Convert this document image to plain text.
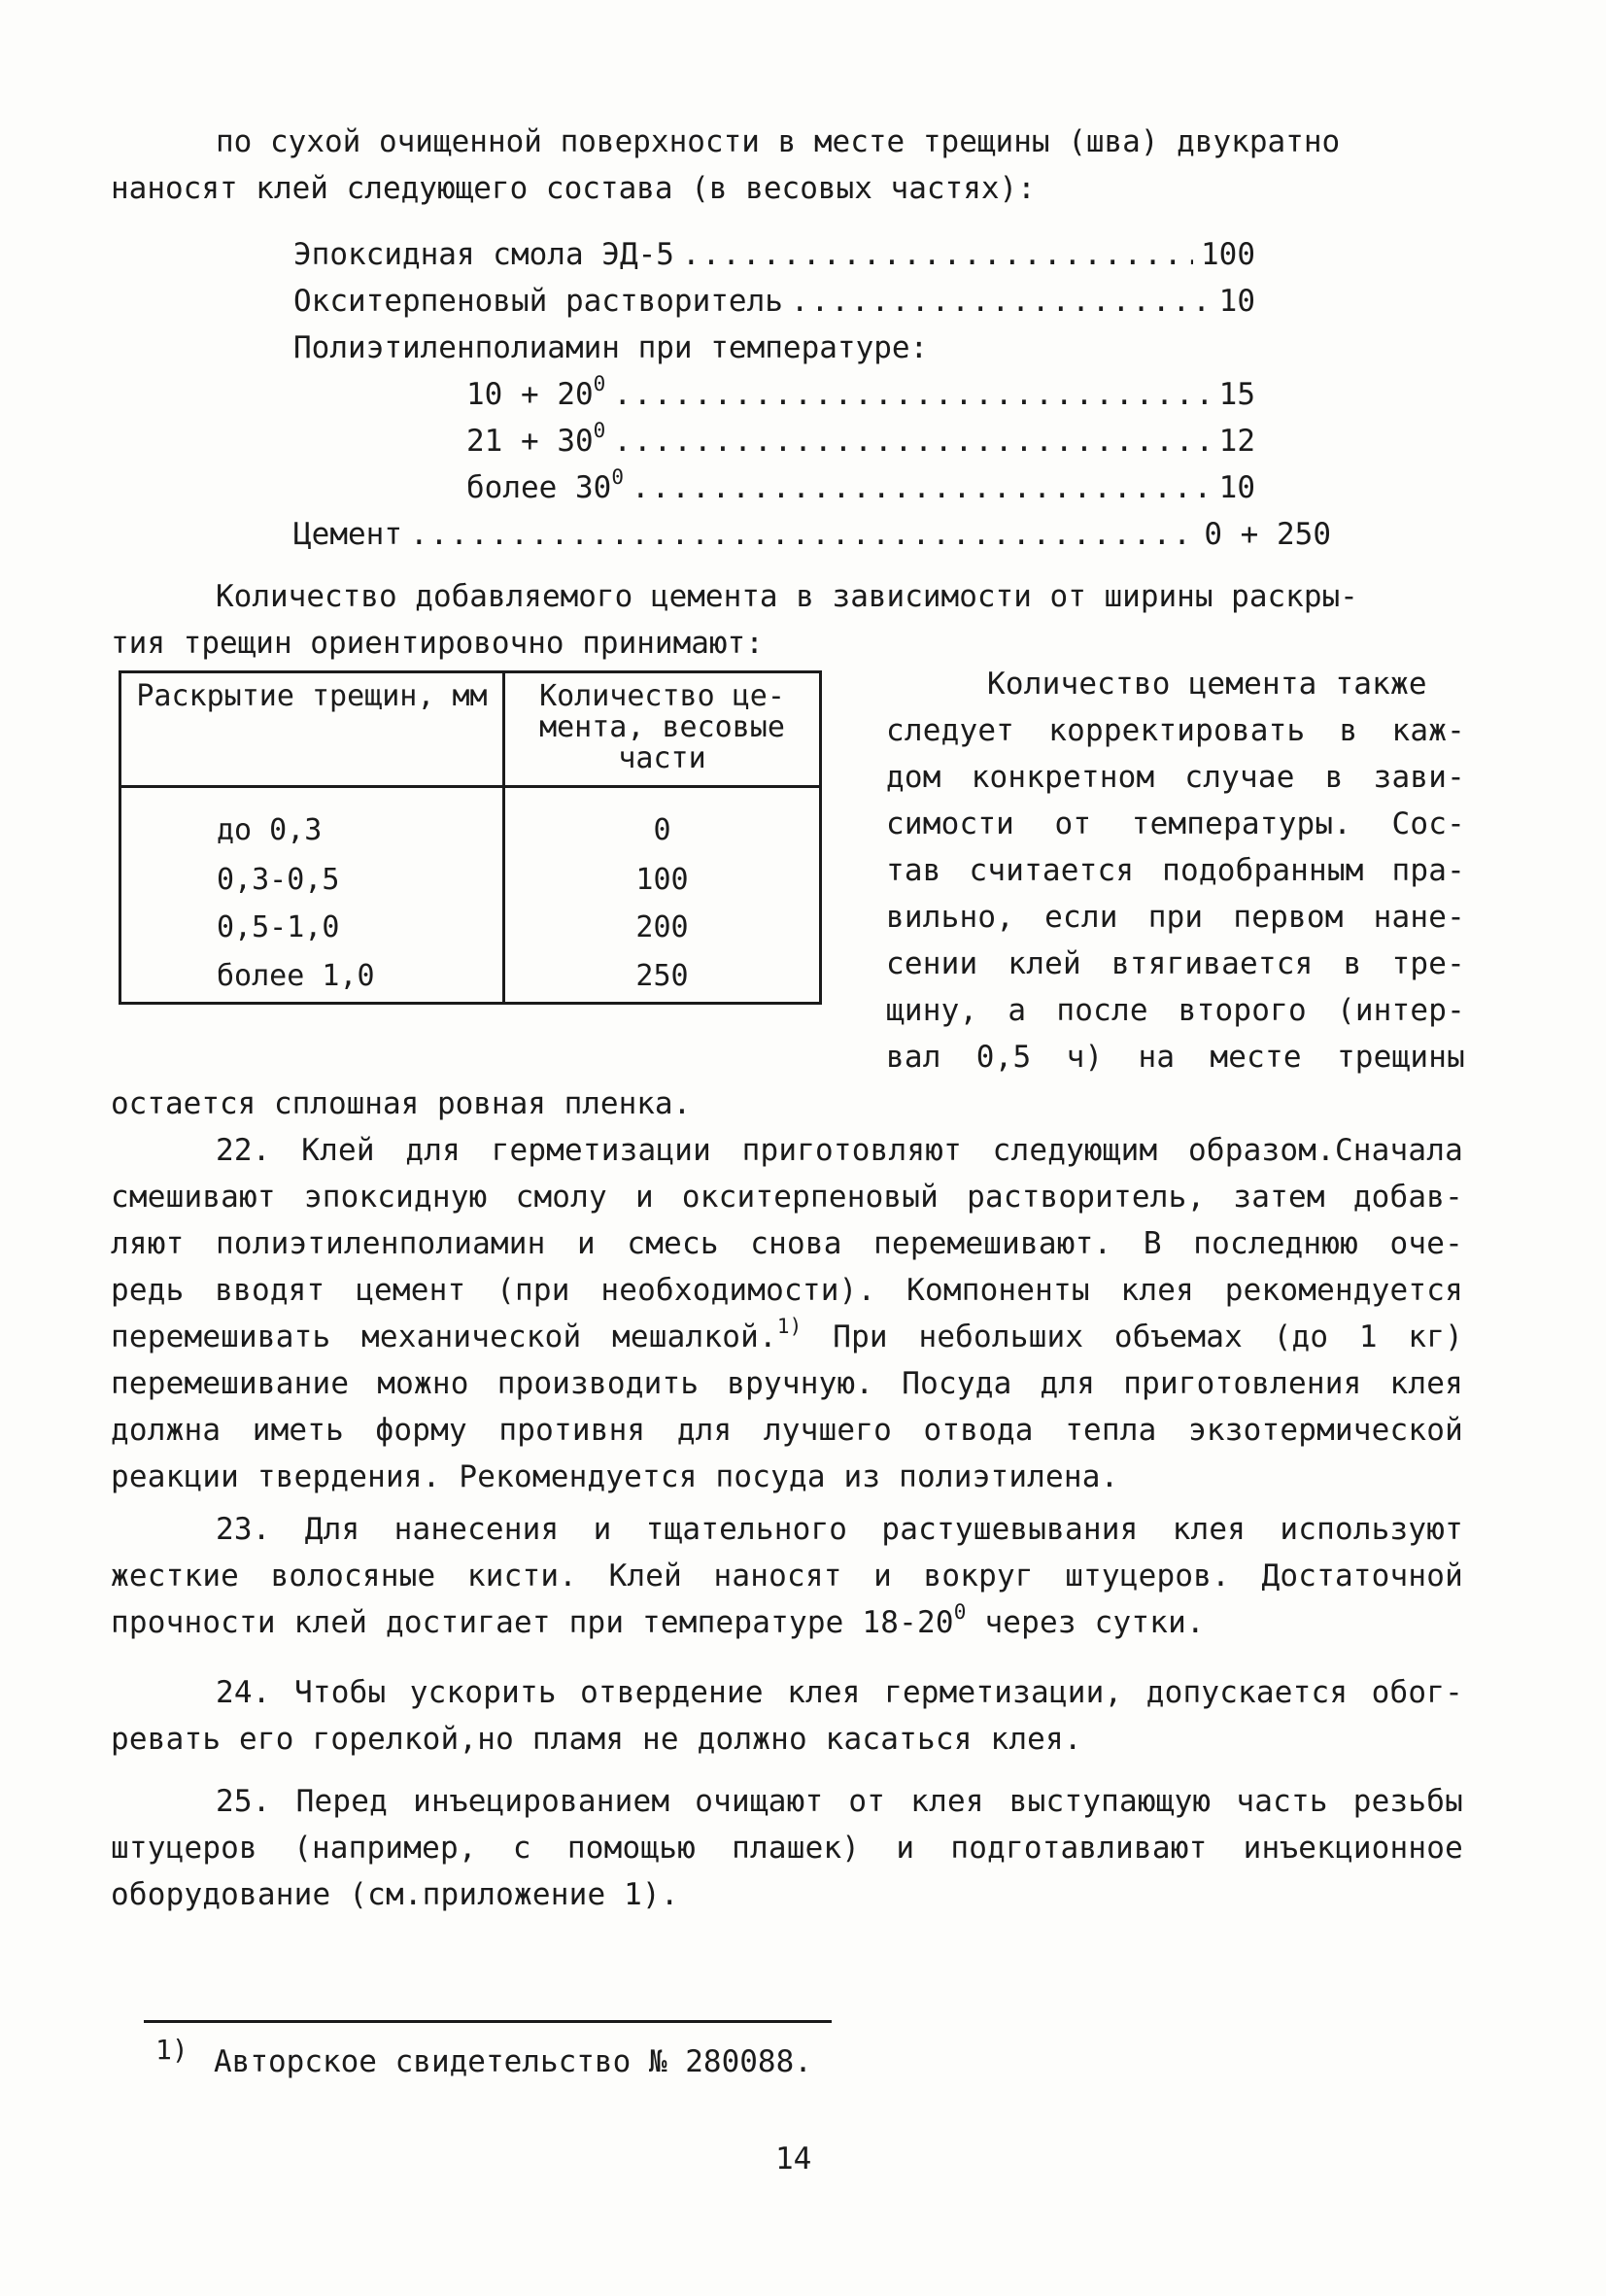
по сухой очищенной поверхности в месте трещины (шва) двукратно
наносят клей следующего состава (в весовых частях):
Эпоксидная смола ЭД-5 .....	100
Окситерпеновый растворитель .....	10
Полиэтиленполиамин при температуре:
$10 + 20^0$ .....	15
$21 + 30^0$ .....	12
более $30^0$ .....	10
Цемент .....	0 + 250
Количество добавляемого цемента в зависимости от ширины раскры-
тия трещин ориентировочно принимают:
Раскрытие трещин, мм	Количество це- мента, весовые части
до 0,3	0
0,3-0,5	100
0,5-1,0	200
более 1,0	250
Количество цемента также
следует корректировать в каж-
дом конкретном случае в зави-
симости от температуры. Сос-
тав считается подобранным пра-
вильно, если при первом нане-
сении клей втягивается в тре-
щину, а после второго (интер-
вал 0,5 ч) на месте трещины
остается сплошная ровная пленка.
22. Клей для герметизации приготовляют следующим образом.Сначала
смешивают эпоксидную смолу и окситерпеновый растворитель, затем добав-
ляют полиэтиленполиамин и смесь снова перемешивают. В последнюю оче-
редь вводят цемент (при необходимости). Компоненты клея рекомендуется
перемешивать механической мешалкой.$^{1)}$ При небольших объемах (до 1 кг)
перемешивание можно производить вручную. Посуда для приготовления клея
должна иметь форму противня для лучшего отвода тепла экзотермической
реакции твердения. Рекомендуется посуда из полиэтилена.
23. Для нанесения и тщательного растушевывания клея используют
жесткие волосяные кисти. Клей наносят и вокруг штуцеров. Достаточной
прочности клей достигает при температуре $18-20^0$ через сутки.
24. Чтобы ускорить отвердение клея герметизации, допускается обог-
ревать его горелкой,но пламя не должно касаться клея.
25. Перед инъецированием очищают от клея выступающую часть резьбы
штуцеров (например, с помощью плашек) и подготавливают инъекционное
оборудование (см.приложение 1).
1) Авторское свидетельство № 280088.
14
